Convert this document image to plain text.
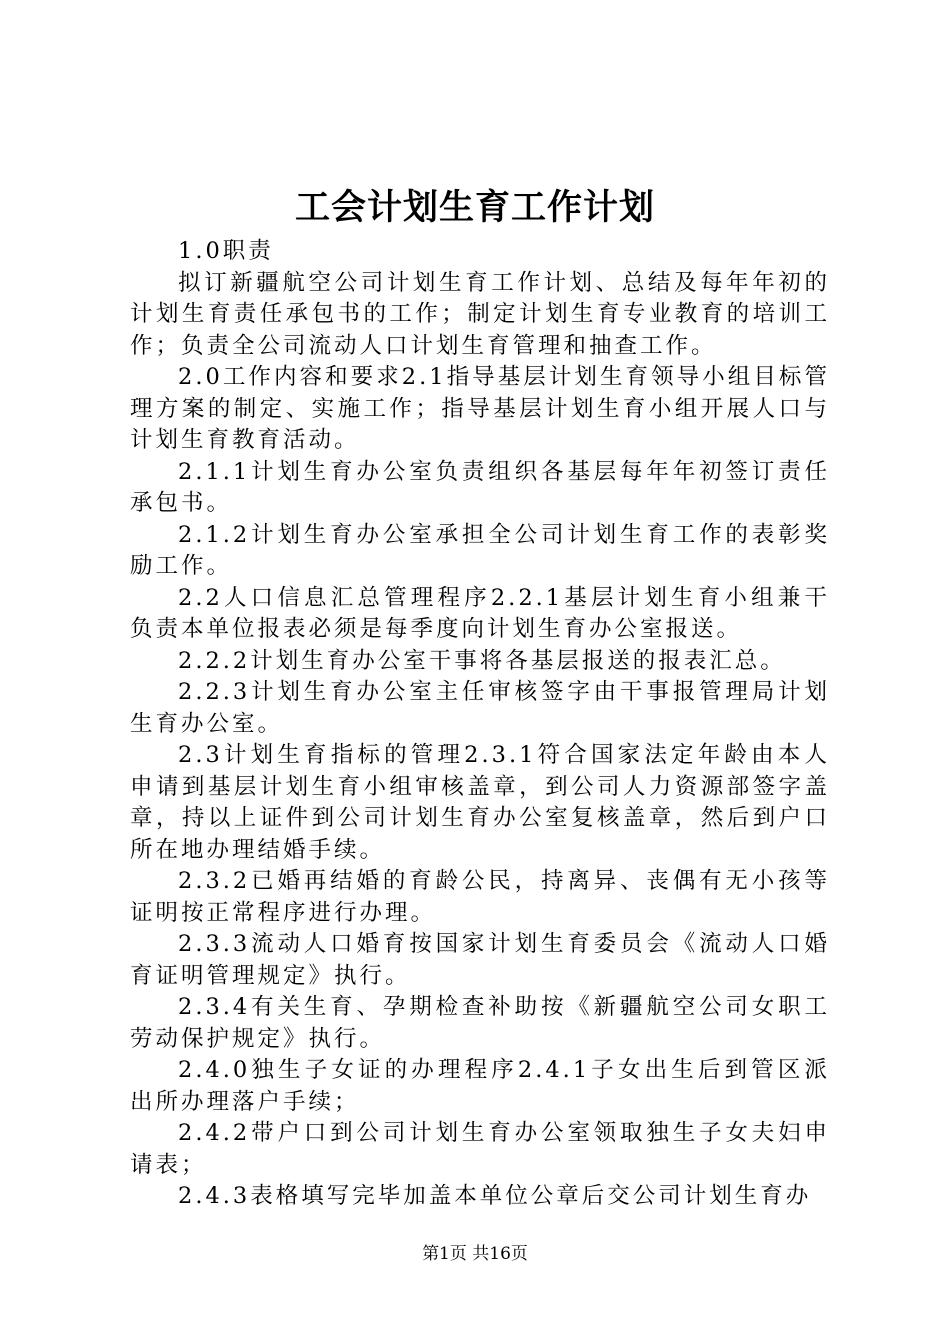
工会计划生育工作计划

1.0职责

拟订新疆航空公司计划生育工作计划、总结及每年年初的计划生育责任承包书的工作；制定计划生育专业教育的培训工作；负责全公司流动人口计划生育管理和抽查工作。

2.0工作内容和要求2.1指导基层计划生育领导小组目标管理方案的制定、实施工作；指导基层计划生育小组开展人口与计划生育教育活动。

2.1.1计划生育办公室负责组织各基层每年年初签订责任承包书。

2.1.2计划生育办公室承担全公司计划生育工作的表彰奖励工作。

2.2人口信息汇总管理程序2.2.1基层计划生育小组兼干负责本单位报表必须是每季度向计划生育办公室报送。

2.2.2计划生育办公室干事将各基层报送的报表汇总。

2.2.3计划生育办公室主任审核签字由干事报管理局计划生育办公室。

2.3计划生育指标的管理2.3.1符合国家法定年龄由本人申请到基层计划生育小组审核盖章，到公司人力资源部签字盖章，持以上证件到公司计划生育办公室复核盖章，然后到户口所在地办理结婚手续。

2.3.2已婚再结婚的育龄公民，持离异、丧偶有无小孩等证明按正常程序进行办理。

2.3.3流动人口婚育按国家计划生育委员会《流动人口婚育证明管理规定》执行。

2.3.4有关生育、孕期检查补助按《新疆航空公司女职工劳动保护规定》执行。

2.4.0独生子女证的办理程序2.4.1子女出生后到管区派出所办理落户手续；

2.4.2带户口到公司计划生育办公室领取独生子女夫妇申请表；

2.4.3表格填写完毕加盖本单位公章后交公司计划生育办

第1页 共16页
